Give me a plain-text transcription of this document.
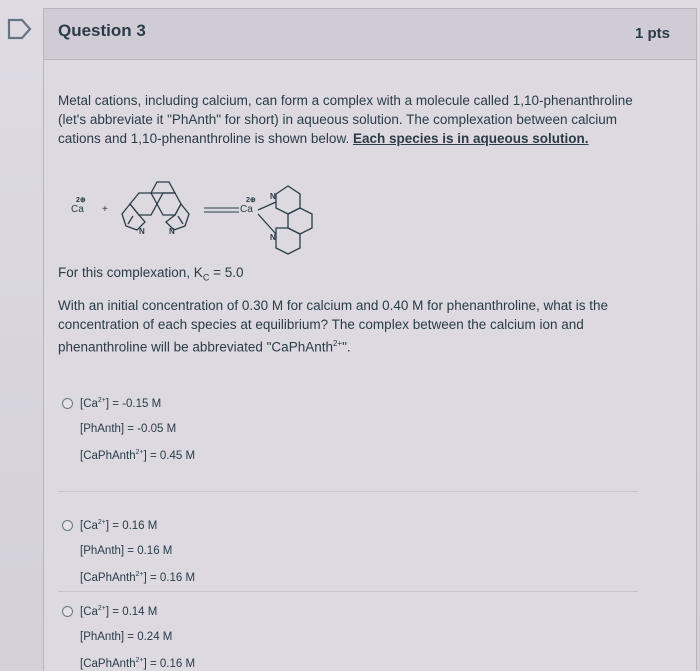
Question 3	1 pts
Metal cations, including calcium, can form a complex with a molecule called 1,10-phenanthroline (let's abbreviate it "PhAnth" for short) in aqueous solution. The complexation between calcium cations and 1,10-phenanthroline is shown below. Each species is in aqueous solution.
2⊕
Ca +
N	N
2⊕
Ca
N
N
For this complexation, $K_C = 5.0$
With an initial concentration of 0.30 M for calcium and 0.40 M for phenanthroline, what is the concentration of each species at equilibrium? The complex between the calcium ion and phenanthroline will be abbreviated "CaPhAnth$^{2+}$".
$[Ca^{2+}] = -0.15$ M
[PhAnth] = -0.05 M
[CaPhAnth$^{2+}$] = 0.45 M
$[Ca^{2+}] = 0.16$ M
[PhAnth] = 0.16 M
[CaPhAnth$^{2+}$] = 0.16 M
$[Ca^{2+}] = 0.14$ M
[PhAnth] = 0.24 M
[CaPhAnth$^{2+}$] = 0.16 M
